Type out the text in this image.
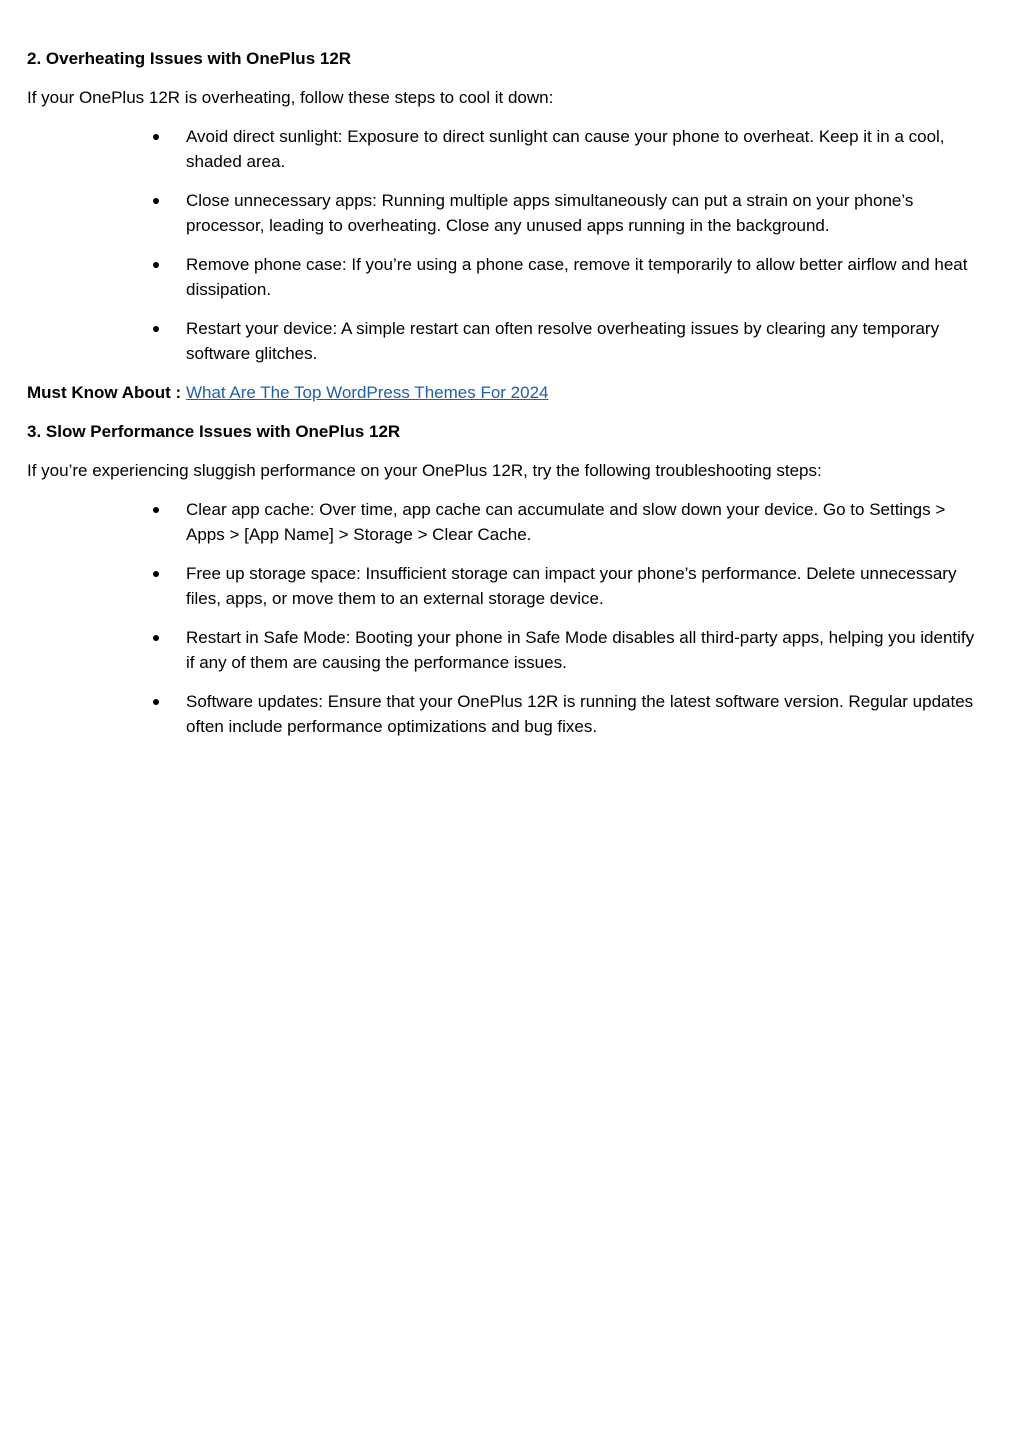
2. Overheating Issues with OnePlus 12R
If your OnePlus 12R is overheating, follow these steps to cool it down:
Avoid direct sunlight: Exposure to direct sunlight can cause your phone to overheat. Keep it in a cool, shaded area.
Close unnecessary apps: Running multiple apps simultaneously can put a strain on your phone’s processor, leading to overheating. Close any unused apps running in the background.
Remove phone case: If you’re using a phone case, remove it temporarily to allow better airflow and heat dissipation.
Restart your device: A simple restart can often resolve overheating issues by clearing any temporary software glitches.
Must Know About : What Are The Top WordPress Themes For 2024
3. Slow Performance Issues with OnePlus 12R
If you’re experiencing sluggish performance on your OnePlus 12R, try the following troubleshooting steps:
Clear app cache: Over time, app cache can accumulate and slow down your device. Go to Settings > Apps > [App Name] > Storage > Clear Cache.
Free up storage space: Insufficient storage can impact your phone’s performance. Delete unnecessary files, apps, or move them to an external storage device.
Restart in Safe Mode: Booting your phone in Safe Mode disables all third-party apps, helping you identify if any of them are causing the performance issues.
Software updates: Ensure that your OnePlus 12R is running the latest software version. Regular updates often include performance optimizations and bug fixes.
